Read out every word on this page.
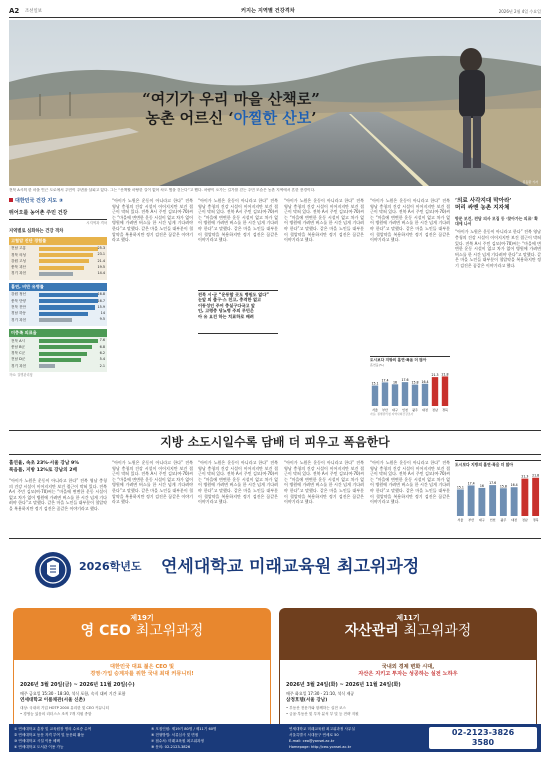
A2 조선일보	커지는 지역별 건강격차	2026년 2월 4일 수요일
“여기가 우리 마을 산책로”
농촌 어르신 ‘아찔한 산보’
김동환 기자
전북 A시의 한 마을 인근 도로에서 주민이 주변을 살피고 있다. 그는 “산책할 마땅한 길이 없어 차도 옆을 걷는다”고 했다. 차량이 오가는 길가를 걷는 주민 모습은 농촌 지역에서 흔한 풍경이다.
대한민국 건강 지도 ③
뛰어오를 농어촌 주민 건강
시지역과 격차
지역별로 심화하는 건강 격차
고혈압 진단 경험률
전남 고흥	25.3
경북 의성	23.1
강원 고성	21.4
충북 괴산	19.5
경기 과천	14.4
흡연, 비만 유병률
강원 정선	16.8
충북 단양	16.7
전북 진안	15.9
경남 하동	14
경기 과천	9.5
미충족 의료율
전북 A시	7.6
충남 B군	6.8
경북 C군	6.2
전남 D군	5.4
경기 과천	2.1
자료: 질병관리청
“아이가 노원은 운동이 아니라고 한다” 전북 영남 충청의 건강 시설이 이어지지만 보건 접근이 막혀 있다. 전북 A시 주민 김모(여·70)씨는 “마을에 변변한 운동 시설이 없고 차가 없어 병원에 가려면 버스를 한 시간 넘게 기다려야 한다”고 말했다. 같은 마을 노인들 대부분이 혈압약을 복용하지만 정기 검진은 꿈같은 이야기라고 했다.
“아이가 노원은 운동이 아니라고 한다” 전북 영남 충청의 건강 시설이 이어지지만 보건 접근이 막혀 있다. 전북 A시 주민 김모(여·70)씨는 “마을에 변변한 운동 시설이 없고 차가 없어 병원에 가려면 버스를 한 시간 넘게 기다려야 한다”고 말했다. 같은 마을 노인들 대부분이 혈압약을 복용하지만 정기 검진은 꿈같은 이야기라고 했다.
“아이가 노원은 운동이 아니라고 한다” 전북 영남 충청의 건강 시설이 이어지지만 보건 접근이 막혀 있다. 전북 A시 주민 김모(여·70)씨는 “마을에 변변한 운동 시설이 없고 차가 없어 병원에 가려면 버스를 한 시간 넘게 기다려야 한다”고 말했다. 같은 마을 노인들 대부분이 혈압약을 복용하지만 정기 검진은 꿈같은 이야기라고 했다.
“아이가 노원은 운동이 아니라고 한다” 전북 영남 충청의 건강 시설이 이어지지만 보건 접근이 막혀 있다. 전북 A시 주민 김모(여·70)씨는 “마을에 변변한 운동 시설이 없고 차가 없어 병원에 가려면 버스를 한 시간 넘게 기다려야 한다”고 말했다. 같은 마을 노인들 대부분이 혈압약을 복용하지만 정기 검진은 꿈같은 이야기라고 했다.
전북 시·군 “운동할 곳도 병원도 없다”
눈앞 의 출구·스 친고, 충격한 없고
이동성인 주어 충실구다국고 앞
인, 고령층 당뇨병 주의 무던은
아 유 요건 하는 치료하로 배려
‘의료 사각지대 막아라’
머리 싸맨 농촌 지자체
방문 보건, 전담 의사 모집 등 ‘찾아가는 의료’ 확대에 나서
“아이가 노원은 운동이 아니라고 한다” 전북 영남 충청의 건강 시설이 이어지지만 보건 접근이 막혀 있다. 전북 A시 주민 김모(여·70)씨는 “마을에 변변한 운동 시설이 없고 차가 없어 병원에 가려면 버스를 한 시간 넘게 기다려야 한다”고 말했다. 같은 마을 노인들 대부분이 혈압약을 복용하지만 정기 검진은 꿈같은 이야기라고 했다.
도시보다 지방의 흡연·폭음 더 많아
흡연율(%)
15.1
서울
17.4
부산
16
대구
17.6
인천
15.8
광주
16.4
대전
21.3
전남
21.8
경북
자료: 질병관리청 지역사회건강조사
지방 소도시일수록 담배 더 피우고 폭음한다
흡연율, 속초 23%·서울 강남 9%
폭음률, 지방 12%로 강남의 2배
“아이가 노원은 운동이 아니라고 한다” 전북 영남 충청의 건강 시설이 이어지지만 보건 접근이 막혀 있다. 전북 A시 주민 김모(여·70)씨는 “마을에 변변한 운동 시설이 없고 차가 없어 병원에 가려면 버스를 한 시간 넘게 기다려야 한다”고 말했다. 같은 마을 노인들 대부분이 혈압약을 복용하지만 정기 검진은 꿈같은 이야기라고 했다.
“아이가 노원은 운동이 아니라고 한다” 전북 영남 충청의 건강 시설이 이어지지만 보건 접근이 막혀 있다. 전북 A시 주민 김모(여·70)씨는 “마을에 변변한 운동 시설이 없고 차가 없어 병원에 가려면 버스를 한 시간 넘게 기다려야 한다”고 말했다. 같은 마을 노인들 대부분이 혈압약을 복용하지만 정기 검진은 꿈같은 이야기라고 했다.
“아이가 노원은 운동이 아니라고 한다” 전북 영남 충청의 건강 시설이 이어지지만 보건 접근이 막혀 있다. 전북 A시 주민 김모(여·70)씨는 “마을에 변변한 운동 시설이 없고 차가 없어 병원에 가려면 버스를 한 시간 넘게 기다려야 한다”고 말했다. 같은 마을 노인들 대부분이 혈압약을 복용하지만 정기 검진은 꿈같은 이야기라고 했다.
“아이가 노원은 운동이 아니라고 한다” 전북 영남 충청의 건강 시설이 이어지지만 보건 접근이 막혀 있다. 전북 A시 주민 김모(여·70)씨는 “마을에 변변한 운동 시설이 없고 차가 없어 병원에 가려면 버스를 한 시간 넘게 기다려야 한다”고 말했다. 같은 마을 노인들 대부분이 혈압약을 복용하지만 정기 검진은 꿈같은 이야기라고 했다.
“아이가 노원은 운동이 아니라고 한다” 전북 영남 충청의 건강 시설이 이어지지만 보건 접근이 막혀 있다. 전북 A시 주민 김모(여·70)씨는 “마을에 변변한 운동 시설이 없고 차가 없어 병원에 가려면 버스를 한 시간 넘게 기다려야 한다”고 말했다. 같은 마을 노인들 대부분이 혈압약을 복용하지만 정기 검진은 꿈같은 이야기라고 했다.
도시보다 지방의 흡연·폭음 더 많아
15.1
서울
17.4
부산
16
대구
17.6
인천
15.8
광주
16.4
대전
21.3
전남
21.8
경북
2026학년도 연세대학교 미래교육원 최고위과정
제19기
영 CEO 최고위과정
대한민국 대표 젊은 CEO 및
경영·가업 승계자를 위한 국내 최대 커뮤니티!
2026년 3월 20일(금) ~ 2026년 11월 20일(수)
매주 금요일 15:30 - 18:30, 석식 포함, 숙식 대비 기간 포함
연세대학교 이룸채관(서울 신촌)
대상: 국내외 기업 HOTP 2000 유리한 및 CEO 커뮤니티
• 경영능 있음의 리더스스 조직 7개 지원 종함
제11기
자산관리 최고위과정
국내외 경제 변화 시대,
자산은 지키고 투자는 성공하는 실전 노하우
2026년 3월 24일(화) ~ 2026년 11월 24일(화)
매주 화요일 17:30 - 21:10, 석식 제공
삼정호텔(서울 강남)
• 부동산 전문가와 함께하는 실전 코스
• 금융·부동산 및 투자 분석 부 및 등 전략 지원
① 연세대학교 총장 및 교육원장 명의 수료증 수여
② 연세대학교 동문 자격 부여 및 동문회 활동
③ 연세대학교 시설 이용 혜택
④ 연세대학교 도서관 이용 가능
⑤ 모집인원: 제19기 80명 / 제11기 60명
⑥ 전형방법: 서류심사 및 면접
⑦ 접수처: 미래교육원 최고위과정
⑧ 문의: 02-2123-3826
연세대학교 미래교육원 최고위과정 사무실
서울특별시 서대문구 연세로 50
E-mail: ceo@yonsei.ac.kr
Homepage: http://ceo.yonsei.ac.kr
02-2123-3826
3580
